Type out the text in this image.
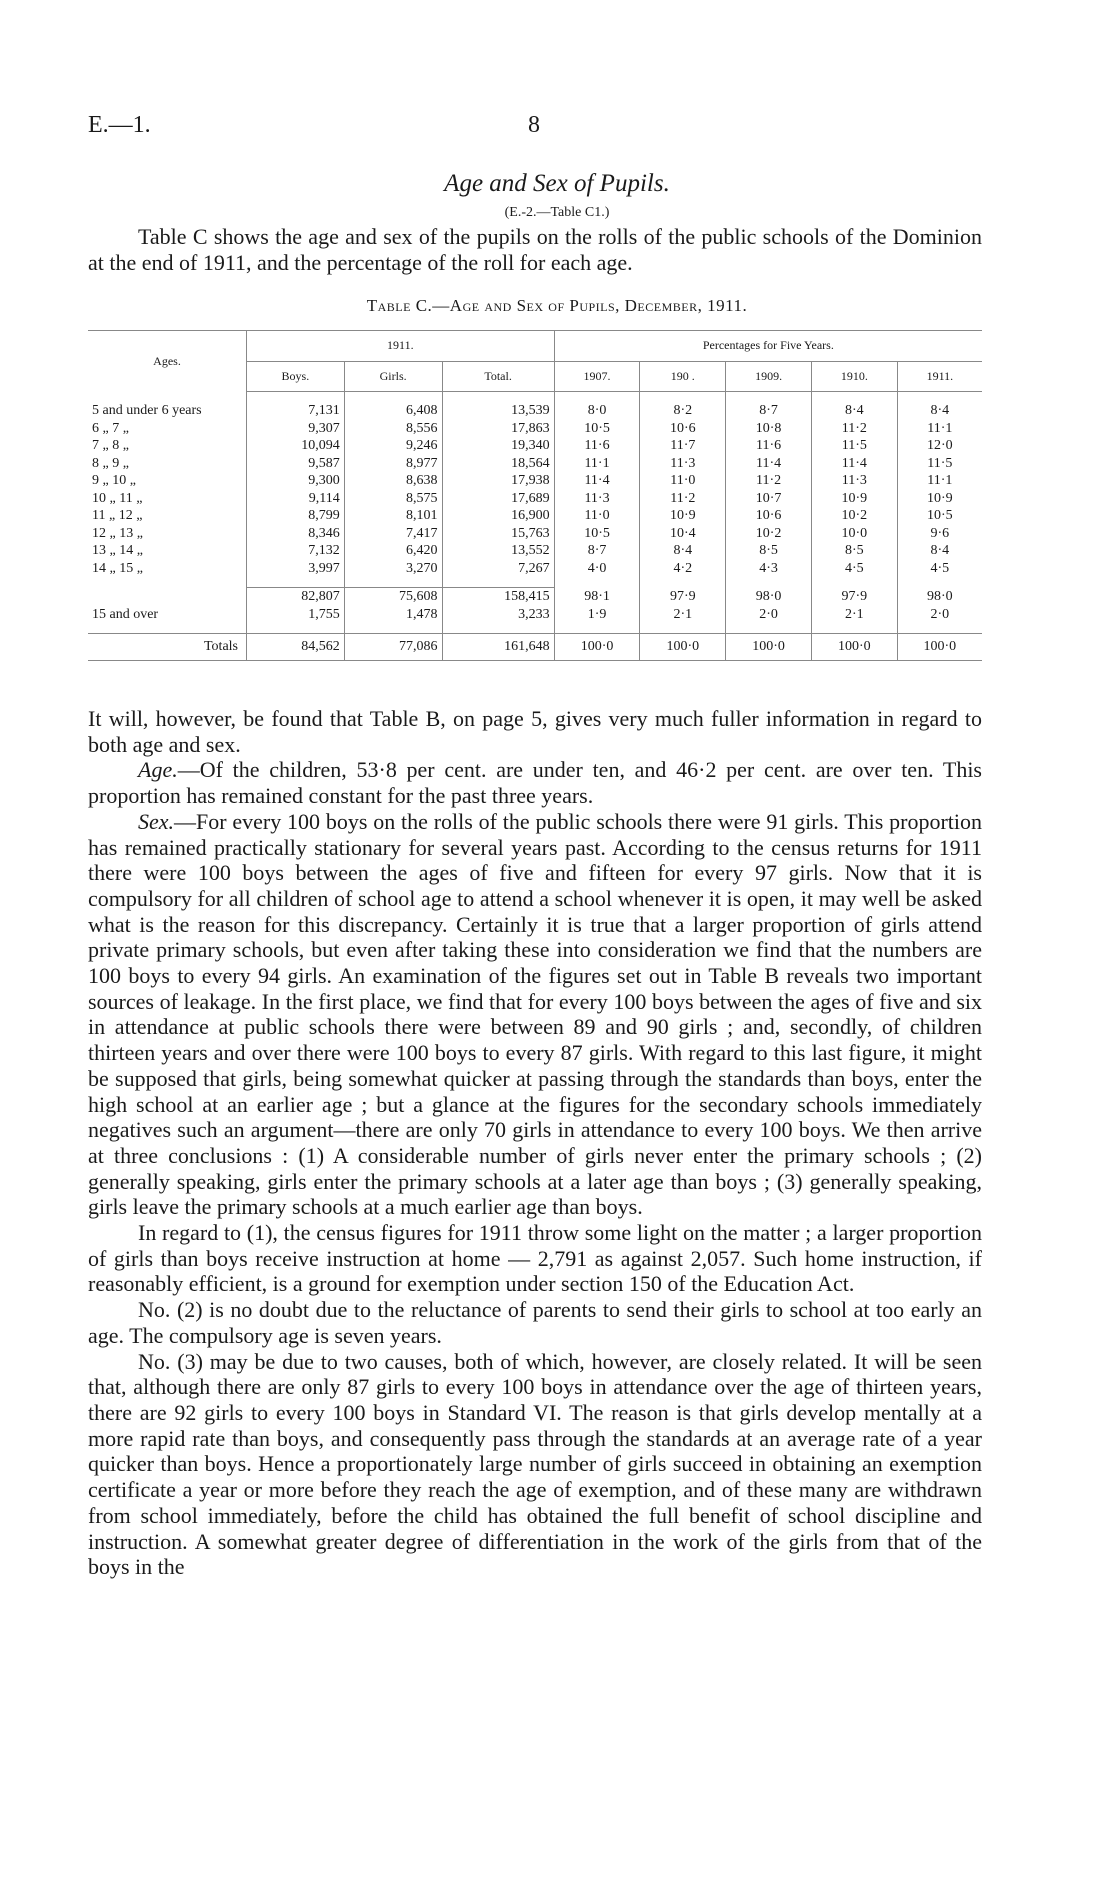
E.—1.	8
Age and Sex of Pupils.
(E.-2.—Table C1.)

Table C shows the age and sex of the pupils on the rolls of the public schools of the Dominion at the end of 1911, and the percentage of the roll for each age.

Table C.—Age and Sex of Pupils, December, 1911.
Ages.	1911.			Percentages for Five Years.				
	Boys.	Girls.	Total.	1907.	190 .	1909.	1910.	1911.

5 and under 6 years	7,131	6,408	13,539	8·0	8·2	8·7	8·4	8·4
6 „ 7 „	9,307	8,556	17,863	10·5	10·6	10·8	11·2	11·1
7 „ 8 „	10,094	9,246	19,340	11·6	11·7	11·6	11·5	12·0
8 „ 9 „	9,587	8,977	18,564	11·1	11·3	11·4	11·4	11·5
9 „ 10 „	9,300	8,638	17,938	11·4	11·0	11·2	11·3	11·1
10 „ 11 „	9,114	8,575	17,689	11·3	11·2	10·7	10·9	10·9
11 „ 12 „	8,799	8,101	16,900	11·0	10·9	10·6	10·2	10·5
12 „ 13 „	8,346	7,417	15,763	10·5	10·4	10·2	10·0	9·6
13 „ 14 „	7,132	6,420	13,552	8·7	8·4	8·5	8·5	8·4
14 „ 15 „	3,997	3,270	7,267	4·0	4·2	4·3	4·5	4·5

	82,807	75,608	158,415	98·1	97·9	98·0	97·9	98·0
15 and over	1,755	1,478	3,233	1·9	2·1	2·0	2·1	2·0

Totals	84,562	77,086	161,648	100·0	100·0	100·0	100·0	100·0

It will, however, be found that Table B, on page 5, gives very much fuller information in regard to both age and sex.

Age.—Of the children, 53·8 per cent. are under ten, and 46·2 per cent. are over ten. This proportion has remained constant for the past three years.

Sex.—For every 100 boys on the rolls of the public schools there were 91 girls. This proportion has remained practically stationary for several years past. According to the census returns for 1911 there were 100 boys between the ages of five and fifteen for every 97 girls. Now that it is compulsory for all children of school age to attend a school whenever it is open, it may well be asked what is the reason for this discrepancy. Certainly it is true that a larger proportion of girls attend private primary schools, but even after taking these into consideration we find that the numbers are 100 boys to every 94 girls. An examination of the figures set out in Table B reveals two important sources of leakage. In the first place, we find that for every 100 boys between the ages of five and six in attendance at public schools there were between 89 and 90 girls ; and, secondly, of children thirteen years and over there were 100 boys to every 87 girls. With regard to this last figure, it might be supposed that girls, being somewhat quicker at passing through the standards than boys, enter the high school at an earlier age ; but a glance at the figures for the secondary schools immediately negatives such an argument—there are only 70 girls in attendance to every 100 boys. We then arrive at three conclusions : (1) A considerable number of girls never enter the primary schools ; (2) generally speaking, girls enter the primary schools at a later age than boys ; (3) generally speaking, girls leave the primary schools at a much earlier age than boys.

In regard to (1), the census figures for 1911 throw some light on the matter ; a larger proportion of girls than boys receive instruction at home — 2,791 as against 2,057. Such home instruction, if reasonably efficient, is a ground for exemption under section 150 of the Education Act.

No. (2) is no doubt due to the reluctance of parents to send their girls to school at too early an age. The compulsory age is seven years.

No. (3) may be due to two causes, both of which, however, are closely related. It will be seen that, although there are only 87 girls to every 100 boys in attendance over the age of thirteen years, there are 92 girls to every 100 boys in Standard VI. The reason is that girls develop mentally at a more rapid rate than boys, and consequently pass through the standards at an average rate of a year quicker than boys. Hence a proportionately large number of girls succeed in obtaining an exemption certificate a year or more before they reach the age of exemption, and of these many are withdrawn from school immediately, before the child has obtained the full benefit of school discipline and instruction. A somewhat greater degree of differentiation in the work of the girls from that of the boys in the
